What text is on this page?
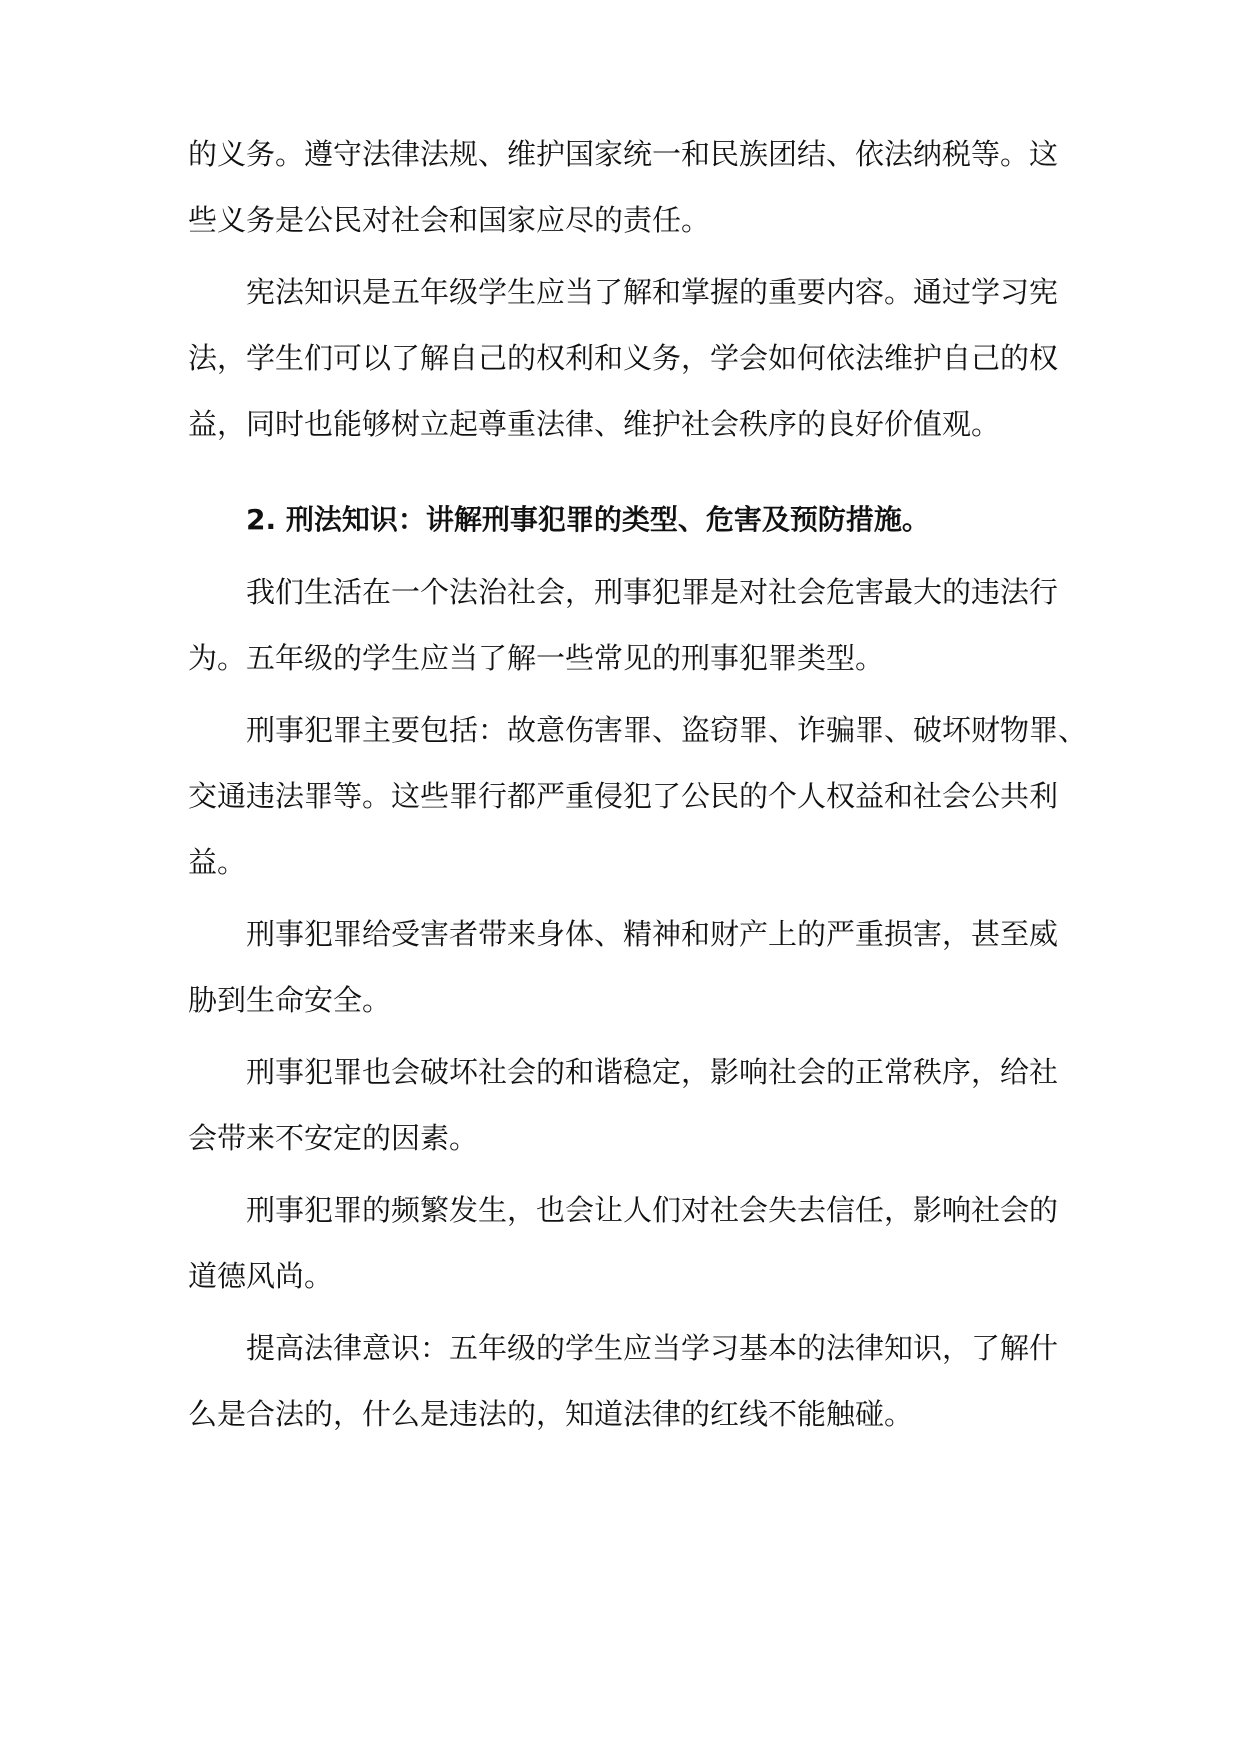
的义务。遵守法律法规、维护国家统一和民族团结、依法纳税等。这
些义务是公民对社会和国家应尽的责任。
宪法知识是五年级学生应当了解和掌握的重要内容。通过学习宪
法，学生们可以了解自己的权利和义务，学会如何依法维护自己的权
益，同时也能够树立起尊重法律、维护社会秩序的良好价值观。
2. 刑法知识：讲解刑事犯罪的类型、危害及预防措施。
我们生活在一个法治社会，刑事犯罪是对社会危害最大的违法行
为。五年级的学生应当了解一些常见的刑事犯罪类型。
刑事犯罪主要包括：故意伤害罪、盗窃罪、诈骗罪、破坏财物罪、
交通违法罪等。这些罪行都严重侵犯了公民的个人权益和社会公共利
益。
刑事犯罪给受害者带来身体、精神和财产上的严重损害，甚至威
胁到生命安全。
刑事犯罪也会破坏社会的和谐稳定，影响社会的正常秩序，给社
会带来不安定的因素。
刑事犯罪的频繁发生，也会让人们对社会失去信任，影响社会的
道德风尚。
提高法律意识：五年级的学生应当学习基本的法律知识，了解什
么是合法的，什么是违法的，知道法律的红线不能触碰。
